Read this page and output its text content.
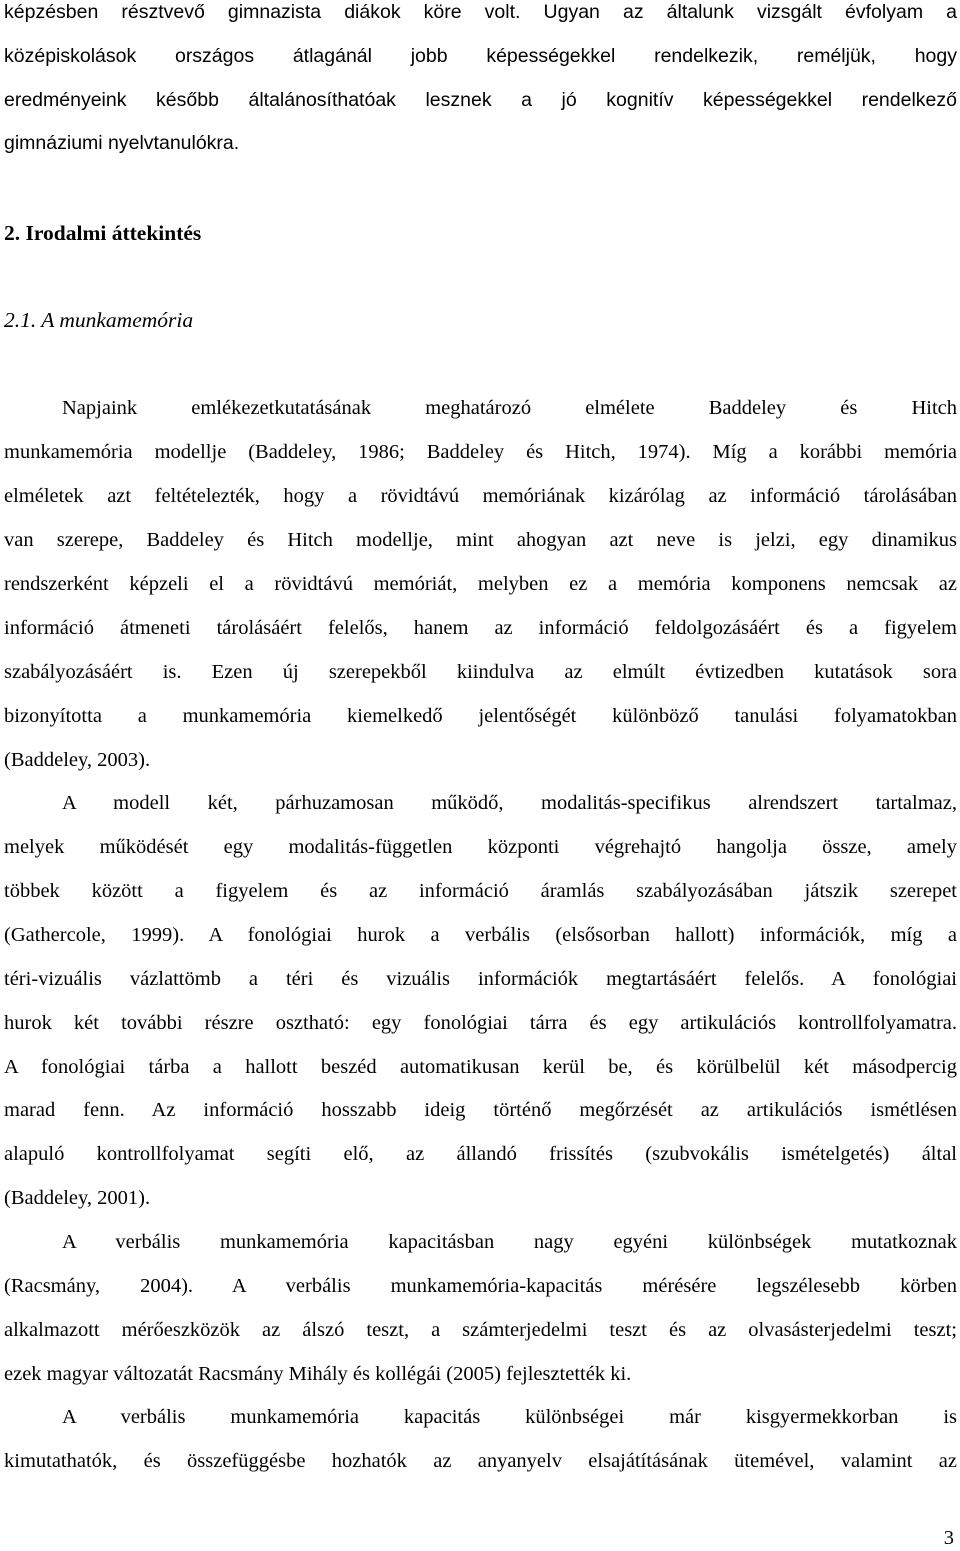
képzésben résztvevő gimnazista diákok köre volt. Ugyan az általunk vizsgált évfolyam a
középiskolások országos átlagánál jobb képességekkel rendelkezik, reméljük, hogy
eredményeink később általánosíthatóak lesznek a jó kognitív képességekkel rendelkező
gimnáziumi nyelvtanulókra.
2. Irodalmi áttekintés
2.1. A munkamemória
Napjaink emlékezetkutatásának meghatározó elmélete Baddeley és Hitch
munkamemória modellje (Baddeley, 1986; Baddeley és Hitch, 1974). Míg a korábbi memória
elméletek azt feltételezték, hogy a rövidtávú memóriának kizárólag az információ tárolásában
van szerepe, Baddeley és Hitch modellje, mint ahogyan azt neve is jelzi, egy dinamikus
rendszerként képzeli el a rövidtávú memóriát, melyben ez a memória komponens nemcsak az
információ átmeneti tárolásáért felelős, hanem az információ feldolgozásáért és a figyelem
szabályozásáért is. Ezen új szerepekből kiindulva az elmúlt évtizedben kutatások sora
bizonyította a munkamemória kiemelkedő jelentőségét különböző tanulási folyamatokban
(Baddeley, 2003).
A modell két, párhuzamosan működő, modalitás-specifikus alrendszert tartalmaz,
melyek működését egy modalitás-független központi végrehajtó hangolja össze, amely
többek között a figyelem és az információ áramlás szabályozásában játszik szerepet
(Gathercole, 1999). A fonológiai hurok a verbális (elsősorban hallott) információk, míg a
téri-vizuális vázlattömb a téri és vizuális információk megtartásáért felelős. A fonológiai
hurok két további részre osztható: egy fonológiai tárra és egy artikulációs kontrollfolyamatra.
A fonológiai tárba a hallott beszéd automatikusan kerül be, és körülbelül két másodpercig
marad fenn. Az információ hosszabb ideig történő megőrzését az artikulációs ismétlésen
alapuló kontrollfolyamat segíti elő, az állandó frissítés (szubvokális ismételgetés) által
(Baddeley, 2001).
A verbális munkamemória kapacitásban nagy egyéni különbségek mutatkoznak
(Racsmány, 2004). A verbális munkamemória-kapacitás mérésére legszélesebb körben
alkalmazott mérőeszközök az álszó teszt, a számterjedelmi teszt és az olvasásterjedelmi teszt;
ezek magyar változatát Racsmány Mihály és kollégái (2005) fejlesztették ki.
A verbális munkamemória kapacitás különbségei már kisgyermekkorban is
kimutathatók, és összefüggésbe hozhatók az anyanyelv elsajátításának ütemével, valamint az
3
